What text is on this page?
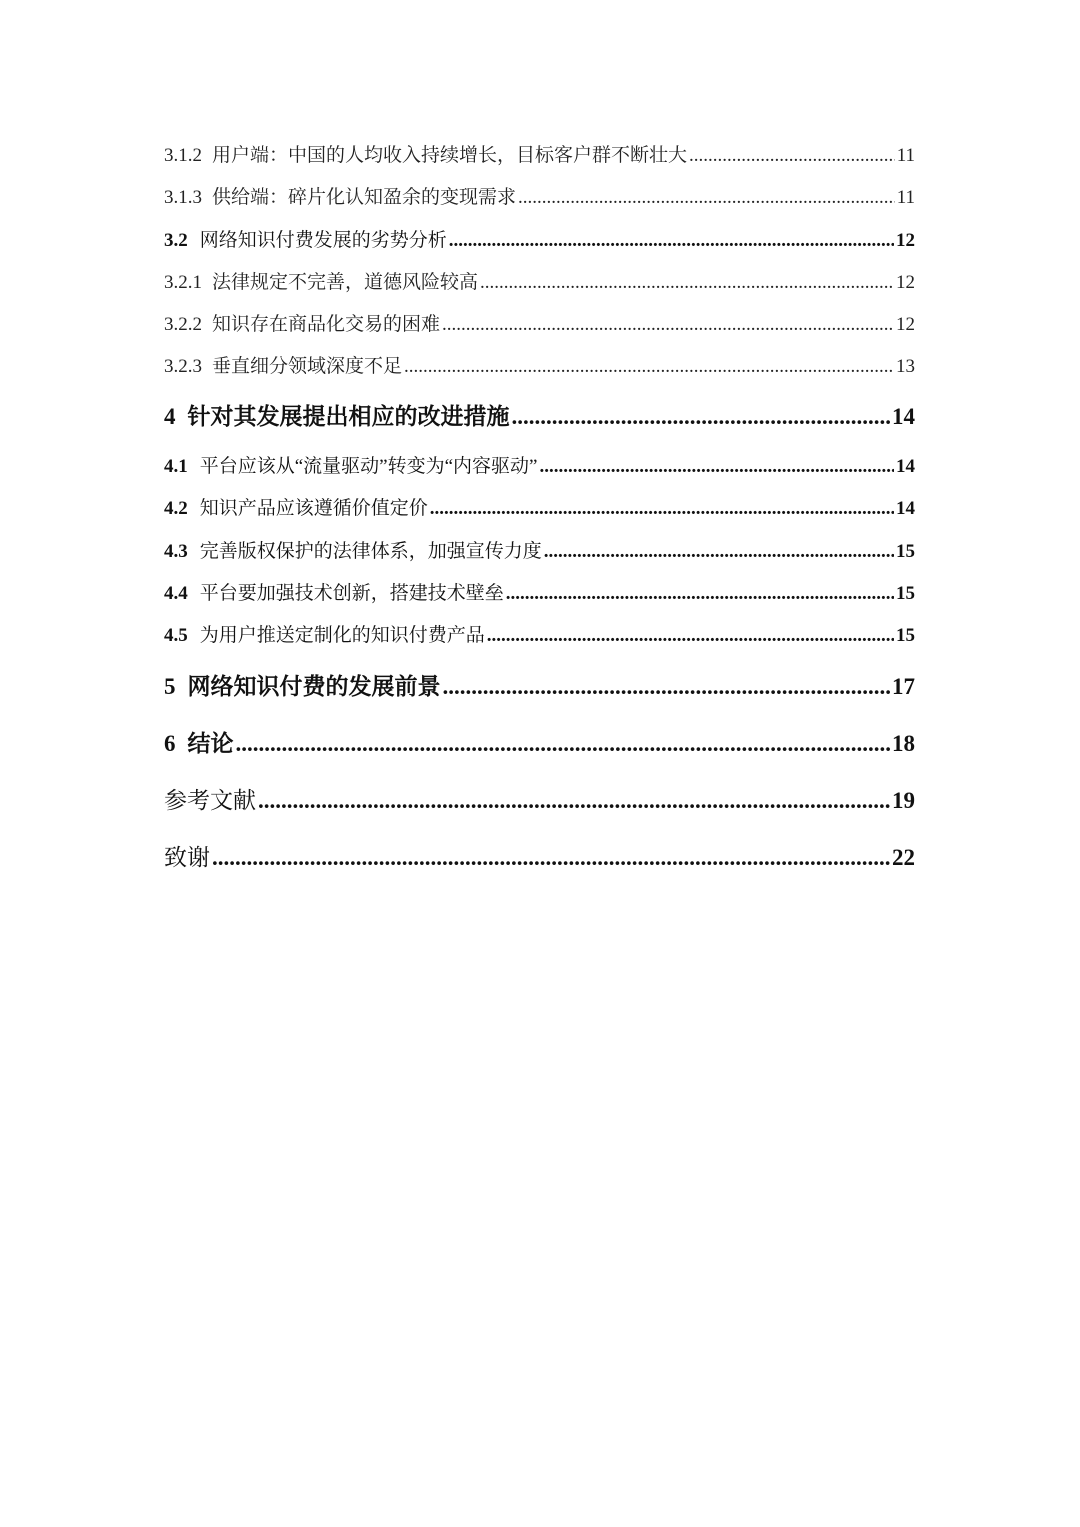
3.1.2 用户端：中国的人均收入持续增长，目标客户群不断壮大 .....	11
3.1.3 供给端：碎片化认知盈余的变现需求 .....	11
3.2 网络知识付费发展的劣势分析 .....	12
3.2.1 法律规定不完善，道德风险较高 .....	12
3.2.2 知识存在商品化交易的困难 .....	12
3.2.3 垂直细分领域深度不足 .....	13
4 针对其发展提出相应的改进措施 .....	14
4.1 平台应该从“流量驱动”转变为“内容驱动” .....	14
4.2 知识产品应该遵循价值定价 .....	14
4.3 完善版权保护的法律体系，加强宣传力度 .....	15
4.4 平台要加强技术创新，搭建技术壁垒 .....	15
4.5 为用户推送定制化的知识付费产品 .....	15
5 网络知识付费的发展前景 .....	17
6 结论 .....	18
参考文献 .....	19
致谢 .....	22
